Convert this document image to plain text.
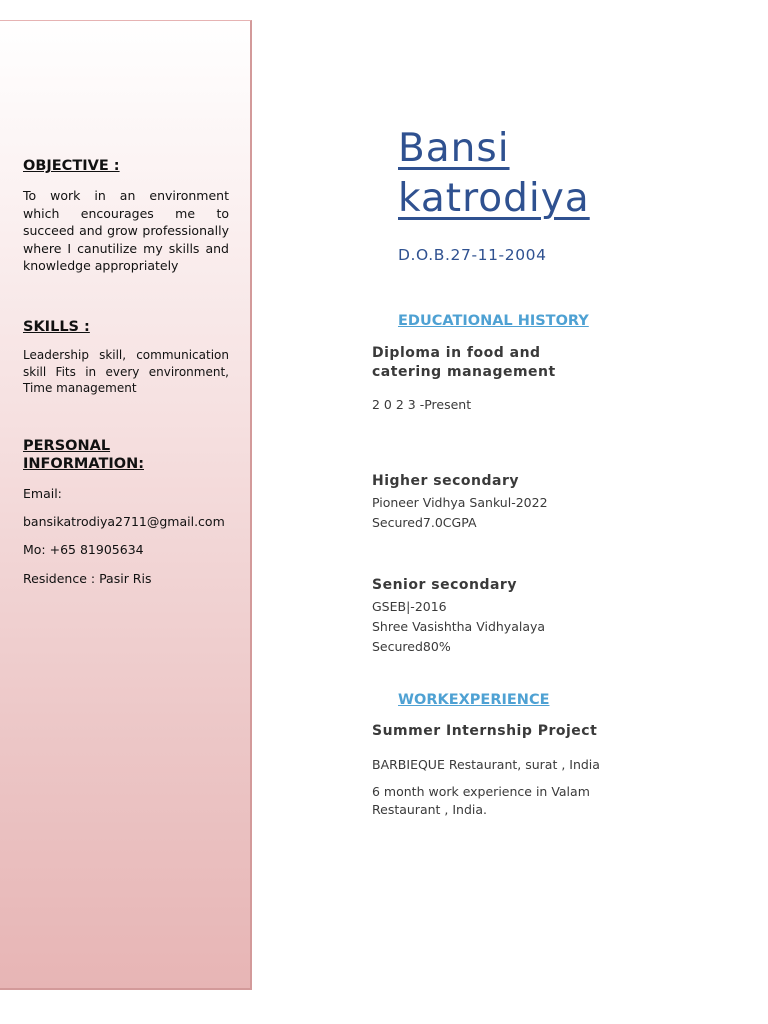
OBJECTIVE :
To work in an environment which encourages me to succeed and grow professionally where I canutilize my skills and knowledge appropriately
SKILLS :
Leadership skill, communication skill Fits in every environment, Time management
PERSONAL INFORMATION:
Email:
bansikatrodiya2711@gmail.com
Mo: +65 81905634
Residence : Pasir Ris
Bansi katrodiya
D.O.B.27-11-2004
EDUCATIONAL HISTORY
Diploma in food and catering management
2 0 2 3 -Present
Higher secondary
Pioneer Vidhya Sankul-2022
Secured7.0CGPA
Senior secondary
GSEB|-2016
Shree Vasishtha Vidhyalaya
Secured80%
WORKEXPERIENCE
Summer Internship Project
BARBIEQUE Restaurant, surat , India
6 month work experience in Valam Restaurant , India.
